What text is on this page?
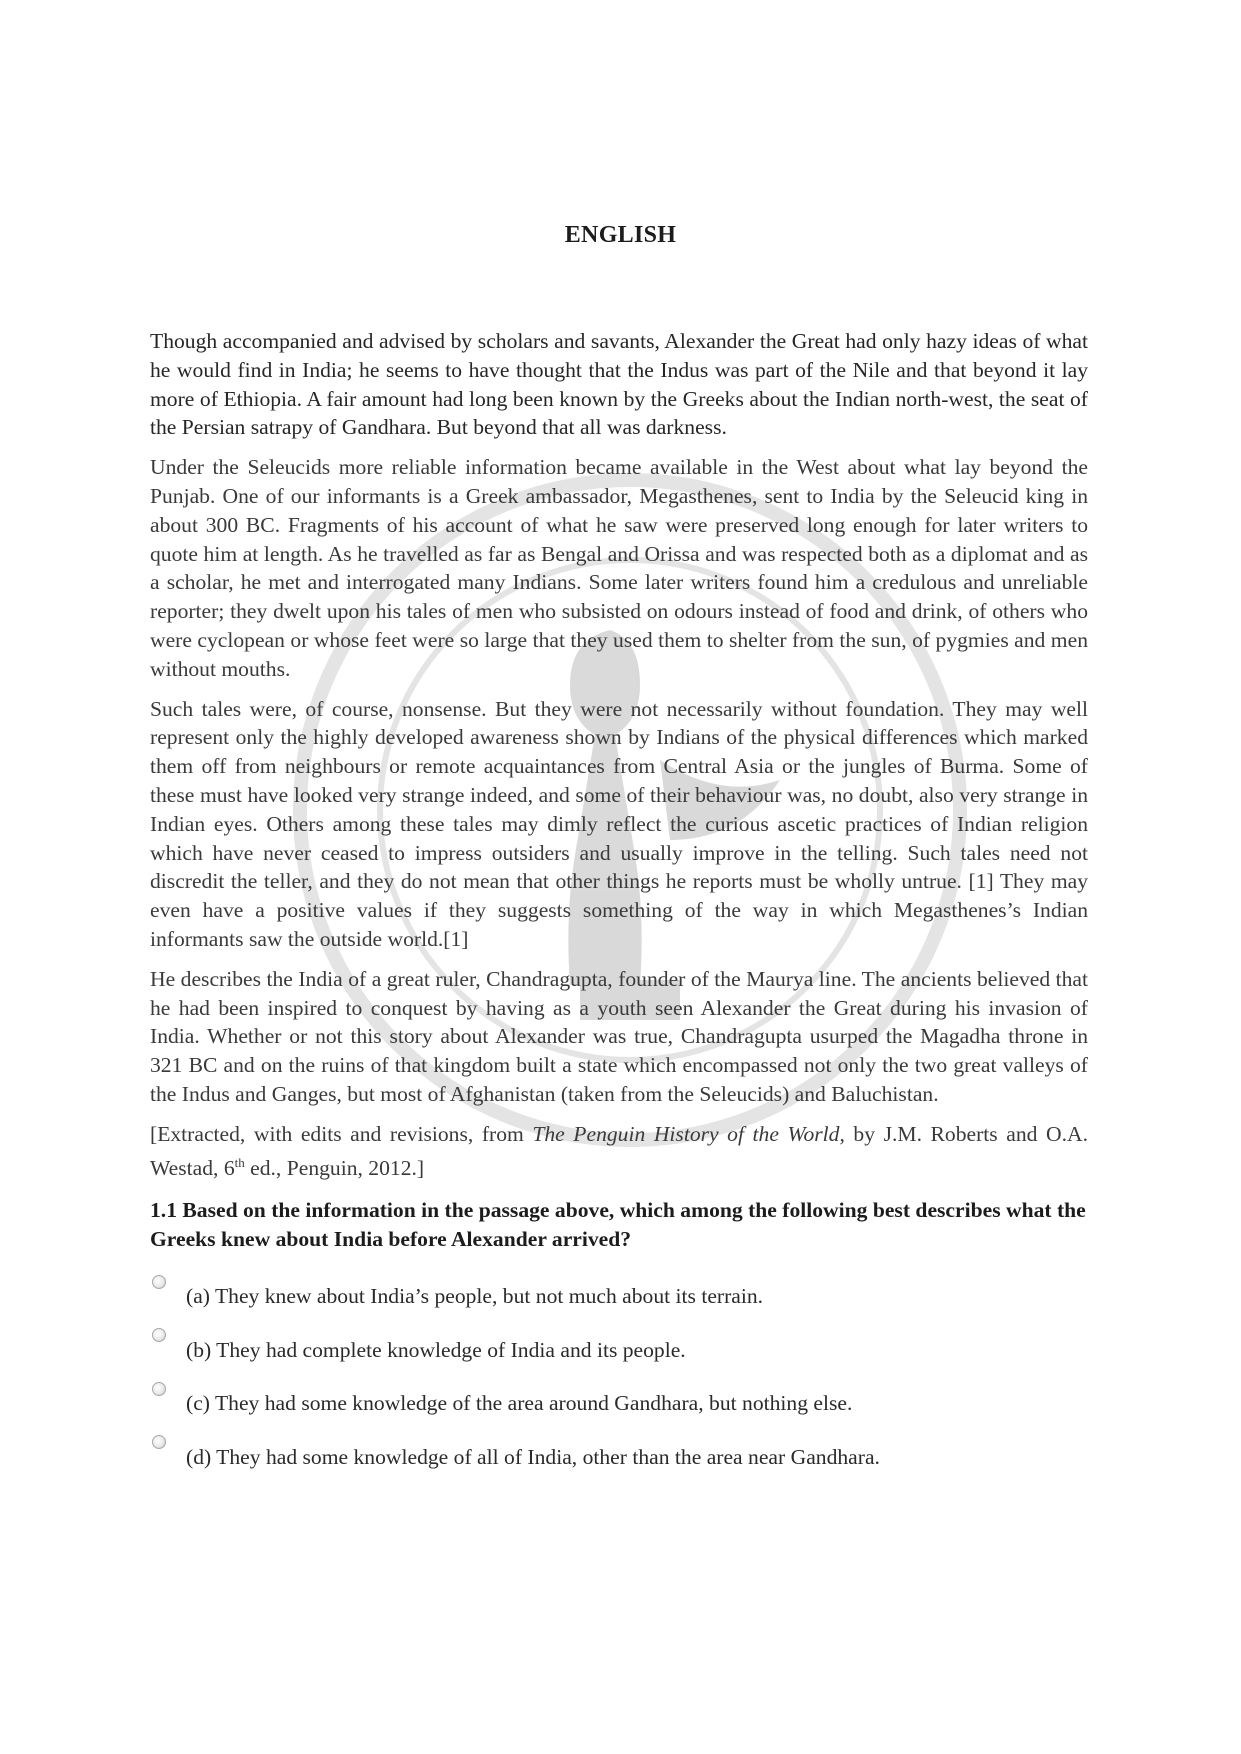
ENGLISH

Though accompanied and advised by scholars and savants, Alexander the Great had only hazy ideas of what he would find in India; he seems to have thought that the Indus was part of the Nile and that beyond it lay more of Ethiopia. A fair amount had long been known by the Greeks about the Indian north-west, the seat of the Persian satrapy of Gandhara. But beyond that all was darkness.

Under the Seleucids more reliable information became available in the West about what lay beyond the Punjab. One of our informants is a Greek ambassador, Megasthenes, sent to India by the Seleucid king in about 300 BC. Fragments of his account of what he saw were preserved long enough for later writers to quote him at length. As he travelled as far as Bengal and Orissa and was respected both as a diplomat and as a scholar, he met and interrogated many Indians. Some later writers found him a credulous and unreliable reporter; they dwelt upon his tales of men who subsisted on odours instead of food and drink, of others who were cyclopean or whose feet were so large that they used them to shelter from the sun, of pygmies and men without mouths.

Such tales were, of course, nonsense. But they were not necessarily without foundation. They may well represent only the highly developed awareness shown by Indians of the physical differences which marked them off from neighbours or remote acquaintances from Central Asia or the jungles of Burma. Some of these must have looked very strange indeed, and some of their behaviour was, no doubt, also very strange in Indian eyes. Others among these tales may dimly reflect the curious ascetic practices of Indian religion which have never ceased to impress outsiders and usually improve in the telling. Such tales need not discredit the teller, and they do not mean that other things he reports must be wholly untrue. [1] They may even have a positive values if they suggests something of the way in which Megasthenes’s Indian informants saw the outside world.[1]

He describes the India of a great ruler, Chandragupta, founder of the Maurya line. The ancients believed that he had been inspired to conquest by having as a youth seen Alexander the Great during his invasion of India. Whether or not this story about Alexander was true, Chandragupta usurped the Magadha throne in 321 BC and on the ruins of that kingdom built a state which encompassed not only the two great valleys of the Indus and Ganges, but most of Afghanistan (taken from the Seleucids) and Baluchistan.

[Extracted, with edits and revisions, from The Penguin History of the World, by J.M. Roberts and O.A. Westad, 6th ed., Penguin, 2012.]

1.1 Based on the information in the passage above, which among the following best describes what the Greeks knew about India before Alexander arrived?

(a) They knew about India’s people, but not much about its terrain.
(b) They had complete knowledge of India and its people.
(c) They had some knowledge of the area around Gandhara, but nothing else.
(d) They had some knowledge of all of India, other than the area near Gandhara.
